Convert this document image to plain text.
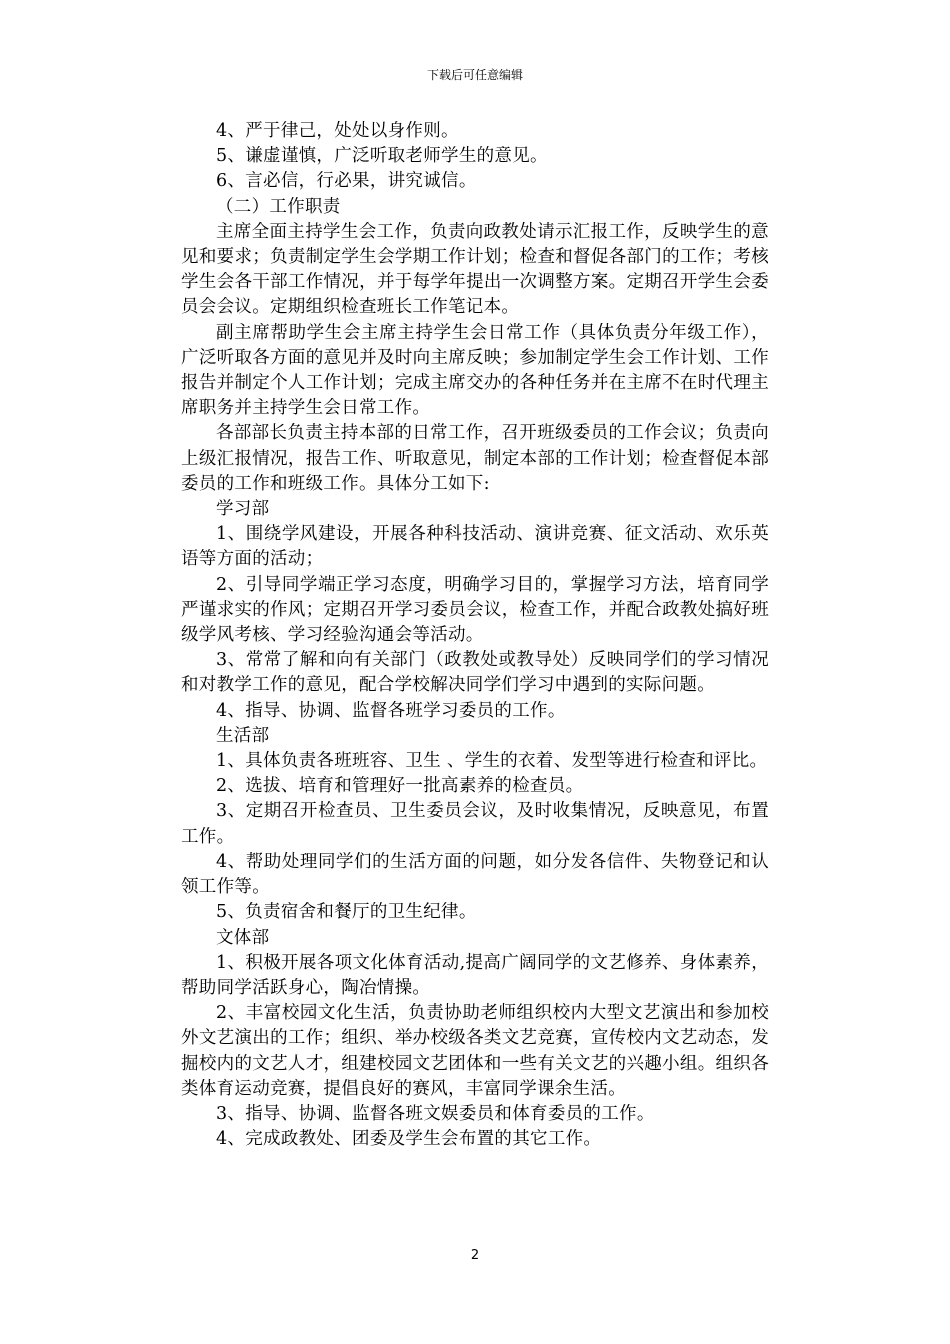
下载后可任意编辑

4、严于律己，处处以身作则。

5、谦虚谨慎，广泛听取老师学生的意见。

6、言必信，行必果，讲究诚信。

（二）工作职责

主席全面主持学生会工作，负责向政教处请示汇报工作，反映学生的意见和要求；负责制定学生会学期工作计划；检查和督促各部门的工作；考核学生会各干部工作情况，并于每学年提出一次调整方案。定期召开学生会委员会会议。定期组织检查班长工作笔记本。

副主席帮助学生会主席主持学生会日常工作（具体负责分年级工作），广泛听取各方面的意见并及时向主席反映；参加制定学生会工作计划、工作报告并制定个人工作计划；完成主席交办的各种任务并在主席不在时代理主席职务并主持学生会日常工作。

各部部长负责主持本部的日常工作，召开班级委员的工作会议；负责向上级汇报情况，报告工作、听取意见，制定本部的工作计划；检查督促本部委员的工作和班级工作。具体分工如下:

学习部

1、围绕学风建设，开展各种科技活动、演讲竞赛、征文活动、欢乐英语等方面的活动；

2、引导同学端正学习态度，明确学习目的，掌握学习方法，培育同学严谨求实的作风；定期召开学习委员会议，检查工作，并配合政教处搞好班级学风考核、学习经验沟通会等活动。

3、常常了解和向有关部门（政教处或教导处）反映同学们的学习情况和对教学工作的意见，配合学校解决同学们学习中遇到的实际问题。

4、指导、协调、监督各班学习委员的工作。

生活部

1、具体负责各班班容、卫生 、学生的衣着、发型等进行检查和评比。

2、选拔、培育和管理好一批高素养的检查员。

3、定期召开检查员、卫生委员会议，及时收集情况，反映意见，布置工作。

4、帮助处理同学们的生活方面的问题，如分发各信件、失物登记和认领工作等。

5、负责宿舍和餐厅的卫生纪律。

文体部

1、积极开展各项文化体育活动,提高广阔同学的文艺修养、身体素养，帮助同学活跃身心，陶冶情操。

2、丰富校园文化生活，负责协助老师组织校内大型文艺演出和参加校外文艺演出的工作；组织、举办校级各类文艺竞赛，宣传校内文艺动态，发掘校内的文艺人才，组建校园文艺团体和一些有关文艺的兴趣小组。组织各类体育运动竞赛，提倡良好的赛风，丰富同学课余生活。

3、指导、协调、监督各班文娱委员和体育委员的工作。

4、完成政教处、团委及学生会布置的其它工作。

2
